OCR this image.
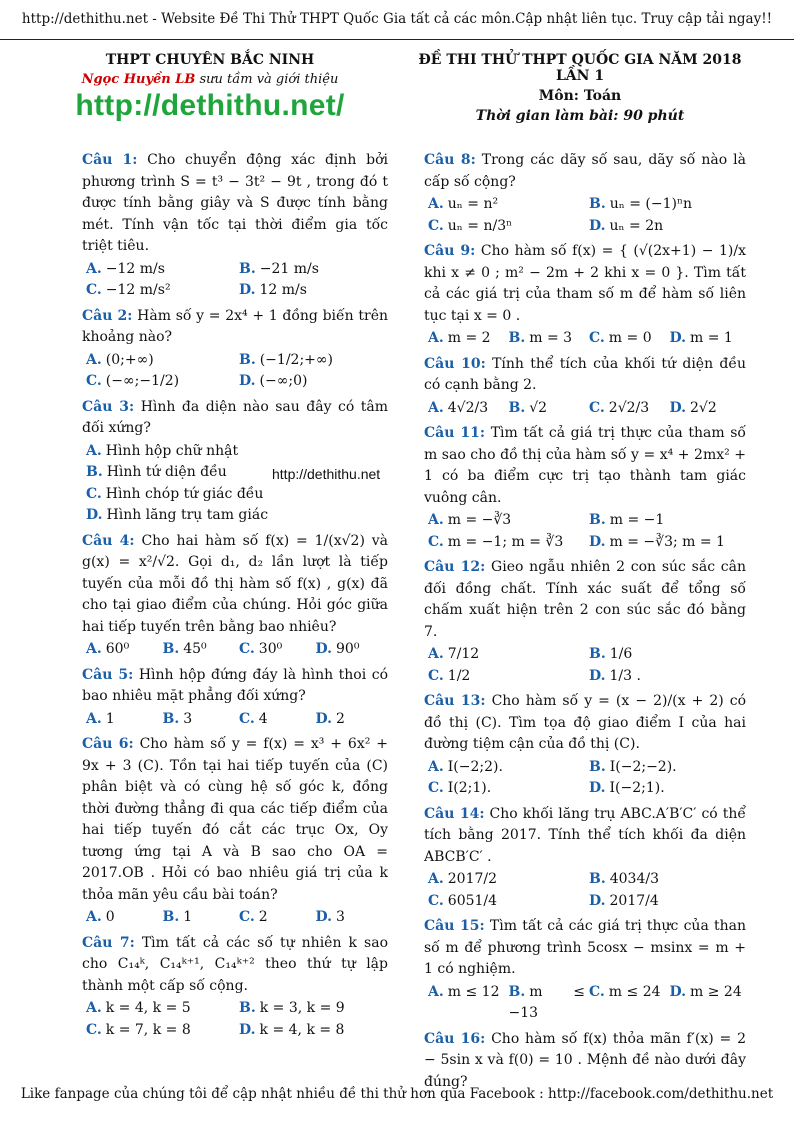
http://dethithu.net - Website Đề Thi Thử THPT Quốc Gia tất cả các môn.Cập nhật liên tục. Truy cập tải ngay!!
THPT CHUYÊN BẮC NINH
Ngọc Huyền LB sưu tầm và giới thiệu
http://dethithu.net/
ĐỀ THI THỬ THPT QUỐC GIA NĂM 2018 LẦN 1
Môn: Toán
Thời gian làm bài: 90 phút
Câu 1: Cho chuyển động xác định bởi phương trình S = t³ − 3t² − 9t , trong đó t được tính bằng giây và S được tính bằng mét. Tính vận tốc tại thời điểm gia tốc triệt tiêu.
A. −12 m/s	B. −21 m/s
C. −12 m/s²	D. 12 m/s
Câu 2: Hàm số y = 2x⁴ + 1 đồng biến trên khoảng nào?
A. (0;+∞)	B. (−1/2;+∞)
C. (−∞;−1/2)	D. (−∞;0)
Câu 3: Hình đa diện nào sau đây có tâm đối xứng?
A. Hình hộp chữ nhật
B. Hình tứ diện đều
C. Hình chóp tứ giác đều
D. Hình lăng trụ tam giác
Câu 4: Cho hai hàm số f(x) = 1/(x√2) và g(x) = x²/√2. Gọi d₁, d₂ lần lượt là tiếp tuyến của mỗi đồ thị hàm số f(x) , g(x) đã cho tại giao điểm của chúng. Hỏi góc giữa hai tiếp tuyến trên bằng bao nhiêu?
A. 60⁰	B. 45⁰	C. 30⁰	D. 90⁰
Câu 5: Hình hộp đứng đáy là hình thoi có bao nhiêu mặt phẳng đối xứng?
A. 1	B. 3	C. 4	D. 2
Câu 6: Cho hàm số y = f(x) = x³ + 6x² + 9x + 3 (C). Tồn tại hai tiếp tuyến của (C) phân biệt và có cùng hệ số góc k, đồng thời đường thẳng đi qua các tiếp điểm của hai tiếp tuyến đó cắt các trục Ox, Oy tương ứng tại A và B sao cho OA = 2017.OB . Hỏi có bao nhiêu giá trị của k thỏa mãn yêu cầu bài toán?
A. 0	B. 1	C. 2	D. 3
Câu 7: Tìm tất cả các số tự nhiên k sao cho C₁₄ᵏ, C₁₄ᵏ⁺¹, C₁₄ᵏ⁺² theo thứ tự lập thành một cấp số cộng.
A. k = 4, k = 5	B. k = 3, k = 9
C. k = 7, k = 8	D. k = 4, k = 8
Câu 8: Trong các dãy số sau, dãy số nào là cấp số cộng?
A. uₙ = n²	B. uₙ = (−1)ⁿn
C. uₙ = n/3ⁿ	D. uₙ = 2n
Câu 9: Cho hàm số f(x) = { (√(2x+1) − 1)/x khi x ≠ 0 ; m² − 2m + 2 khi x = 0 }. Tìm tất cả các giá trị của tham số m để hàm số liên tục tại x = 0 .
A. m = 2	B. m = 3	C. m = 0	D. m = 1
Câu 10: Tính thể tích của khối tứ diện đều có cạnh bằng 2.
A. 4√2/3	B. √2	C. 2√2/3	D. 2√2
Câu 11: Tìm tất cả giá trị thực của tham số m sao cho đồ thị của hàm số y = x⁴ + 2mx² + 1 có ba điểm cực trị tạo thành tam giác vuông cân.
A. m = −∛3	B. m = −1
C. m = −1; m = ∛3	D. m = −∛3; m = 1
Câu 12: Gieo ngẫu nhiên 2 con súc sắc cân đối đồng chất. Tính xác suất để tổng số chấm xuất hiện trên 2 con súc sắc đó bằng 7.
A. 7/12	B. 1/6
C. 1/2	D. 1/3 .
Câu 13: Cho hàm số y = (x − 2)/(x + 2) có đồ thị (C). Tìm tọa độ giao điểm I của hai đường tiệm cận của đồ thị (C).
A. I(−2;2).	B. I(−2;−2).
C. I(2;1).	D. I(−2;1).
Câu 14: Cho khối lăng trụ ABC.A′B′C′ có thể tích bằng 2017. Tính thể tích khối đa diện ABCB′C′ .
A. 2017/2	B. 4034/3
C. 6051/4	D. 2017/4
Câu 15: Tìm tất cả các giá trị thực của than số m để phương trình 5cosx − msinx = m + 1 có nghiệm.
A. m ≤ 12 B. m ≤ −13
C. m ≤ 24 D. m ≥ 24
Câu 16: Cho hàm số f(x) thỏa mãn f′(x) = 2 − 5sin x và f(0) = 10 . Mệnh đề nào dưới đây đúng?
http://dethithu.net
Like fanpage của chúng tôi để cập nhật nhiều đề thi thử hơn qua Facebook : http://facebook.com/dethithu.net
